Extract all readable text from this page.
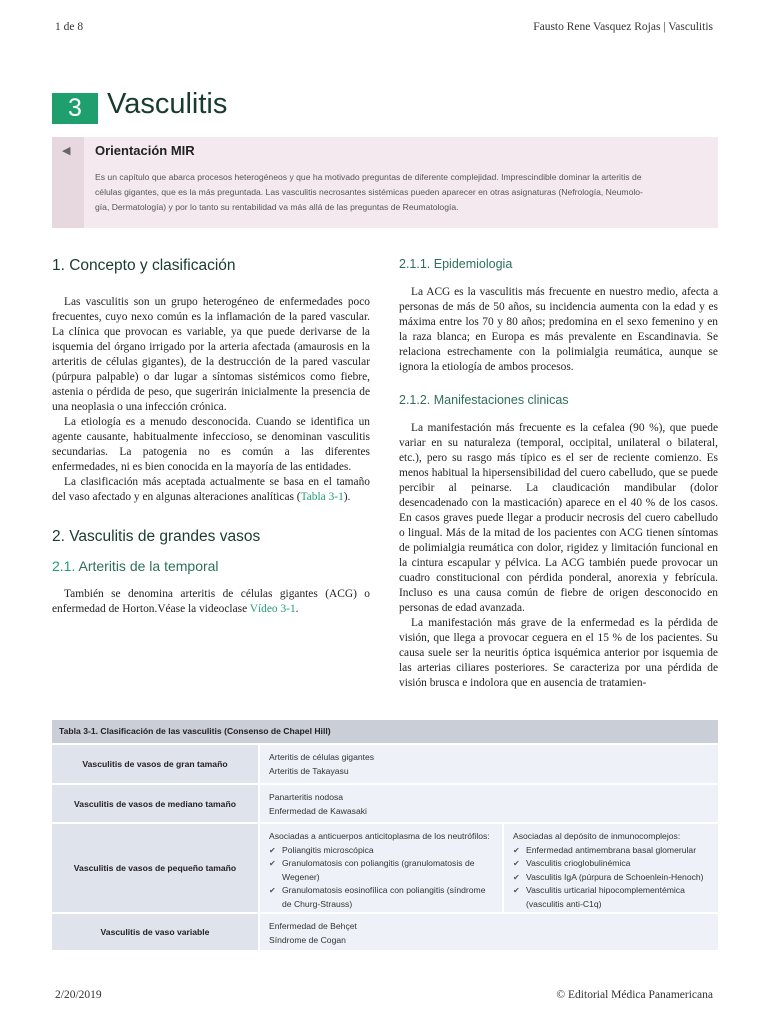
1 de 8	Fausto Rene Vasquez Rojas | Vasculitis
3 Vasculitis
◀ Orientación MIR
Es un capítulo que abarca procesos heterogéneos y que ha motivado preguntas de diferente complejidad. Imprescindible dominar la arteritis de
células gigantes, que es la más preguntada. Las vasculitis necrosantes sistémicas pueden aparecer en otras asignaturas (Nefrología, Neumolo-
gía, Dermatología) y por lo tanto su rentabilidad va más allá de las preguntas de Reumatología.
1. Concepto y clasificación

Las vasculitis son un grupo heterogéneo de enfermedades poco frecuentes, cuyo nexo común es la inflamación de la pared vascular. La clínica que provocan es variable, ya que puede derivarse de la isquemia del órgano irrigado por la arteria afectada (amaurosis en la arteritis de células gigantes), de la destrucción de la pared vascular (púrpura palpable) o dar lugar a síntomas sistémicos como fiebre, astenia o pérdida de peso, que sugerirán inicialmente la presencia de una neoplasia o una infección crónica.

La etiología es a menudo desconocida. Cuando se identifica un agente causante, habitualmente infeccioso, se denominan vasculitis secundarias. La patogenia no es común a las diferentes enfermedades, ni es bien conocida en la mayoría de las entidades.

La clasificación más aceptada actualmente se basa en el tamaño del vaso afectado y en algunas alteraciones analíticas (Tabla 3-1).

2. Vasculitis de grandes vasos
2.1. Arteritis de la temporal

También se denomina arteritis de células gigantes (ACG) o enfermedad de Horton.Véase la videoclase Vídeo 3-1.

2.1.1. Epidemiologia

La ACG es la vasculitis más frecuente en nuestro medio, afecta a personas de más de 50 años, su incidencia aumenta con la edad y es máxima entre los 70 y 80 años; predomina en el sexo femenino y en la raza blanca; en Europa es más prevalente en Escandinavia. Se relaciona estrechamente con la polimialgia reumática, aunque se ignora la etiología de ambos procesos.

2.1.2. Manifestaciones clinicas

La manifestación más frecuente es la cefalea (90 %), que puede variar en su naturaleza (temporal, occipital, unilateral o bilateral, etc.), pero su rasgo más típico es el ser de reciente comienzo. Es menos habitual la hipersensibilidad del cuero cabelludo, que se puede percibir al peinarse. La claudicación mandibular (dolor desencadenado con la masticación) aparece en el 40 % de los casos. En casos graves puede llegar a producir necrosis del cuero cabelludo o lingual. Más de la mitad de los pacientes con ACG tienen síntomas de polimialgia reumática con dolor, rigidez y limitación funcional en la cintura escapular y pélvica. La ACG también puede provocar un cuadro constitucional con pérdida ponderal, anorexia y febrícula. Incluso es una causa común de fiebre de origen desconocido en personas de edad avanzada.

La manifestación más grave de la enfermedad es la pérdida de visión, que llega a provocar ceguera en el 15 % de los pacientes. Su causa suele ser la neuritis óptica isquémica anterior por isquemia de las arterias ciliares posteriores. Se caracteriza por una pérdida de visión brusca e indolora que en ausencia de tratamien-

Tabla 3-1. Clasificación de las vasculitis (Consenso de Chapel Hill)
Vasculitis de vasos de gran tamaño
Arteritis de células gigantes
Arteritis de Takayasu
Vasculitis de vasos de mediano tamaño
Panarteritis nodosa
Enfermedad de Kawasaki
Vasculitis de vasos de pequeño tamaño
Asociadas a anticuerpos anticitoplasma de los neutrófilos:
✔ Poliangitis microscópica
✔ Granulomatosis con poliangitis (granulomatosis de Wegener)
✔ Granulomatosis eosinofílica con poliangitis (síndrome de Churg-Strauss)
Asociadas al depósito de inmunocomplejos:
✔ Enfermedad antimembrana basal glomerular
✔ Vasculitis crioglobulinémica
✔ Vasculitis IgA (púrpura de Schoenlein-Henoch)
✔ Vasculitis urticarial hipocomplementémica (vasculitis anti-C1q)
Vasculitis de vaso variable
Enfermedad de Behçet
Síndrome de Cogan
2/20/2019	© Editorial Médica Panamericana
